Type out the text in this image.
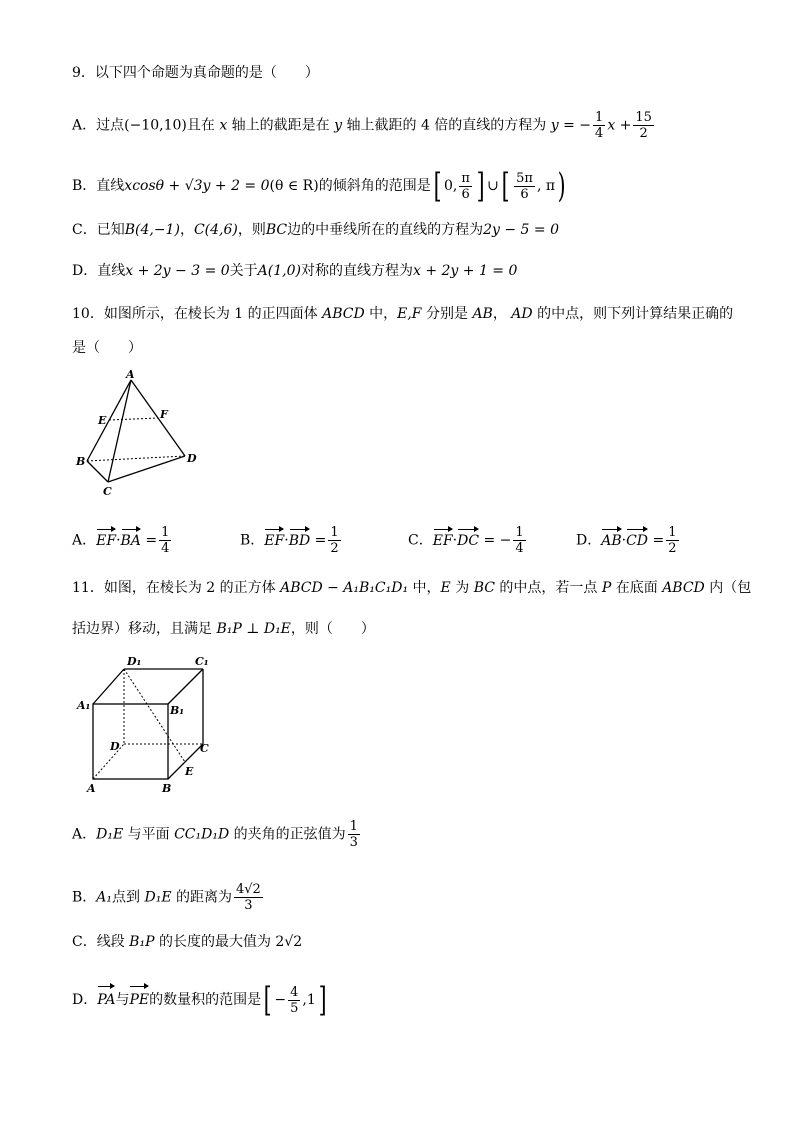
9．以下四个命题为真命题的是（　　）
A．过点(−10,10)且在 x 轴上的截距是在 y 轴上截距的 4 倍的直线的方程为 y = − $\frac{1}{4}$ $x + \frac{15}{2}$
B．直线xcosθ + √3y + 2 = 0(θ ∈ R)的倾斜角的范围是[ 0, $\frac{\pi}{6}$ ] ∪[ $\frac{5\pi}{6}$ , π)
C．已知B(4,−1)，C(4,6)，则BC边的中垂线所在的直线的方程为2y − 5 = 0
D．直线x + 2y − 3 = 0关于A(1,0)对称的直线方程为x + 2y + 1 = 0
10．如图所示，在棱长为 1 的正四面体 ABCD 中，E,F 分别是 AB， AD 的中点，则下列计算结果正确的
是（　　）
A
E	F
B	D
C
A．$EF\cdot BA = \frac{1}{4}$	B．$EF\cdot BD = \frac{1}{2}$	C．EF·DC = − $\frac{1}{4}$	D．$AB\cdot CD = \frac{1}{2}$
11．如图，在棱长为 2 的正方体 ABCD − A₁B₁C₁D₁ 中，E 为 BC 的中点，若一点 P 在底面 ABCD 内（包
括边界）移动，且满足 B₁P ⊥ D₁E，则（　　）
D₁	C₁
A₁	B₁
D	C
E
A	B
A．D₁E 与平面 CC₁D₁D 的夹角的正弦值为 $\frac{1}{3}$
B．A₁点到 D₁E 的距离为 $\frac{4√2}{3}$
C．线段 B₁P 的长度的最大值为 2√2
D．PA与PE的数量积的范围是[ − $\frac{4}{5} ,1$]
